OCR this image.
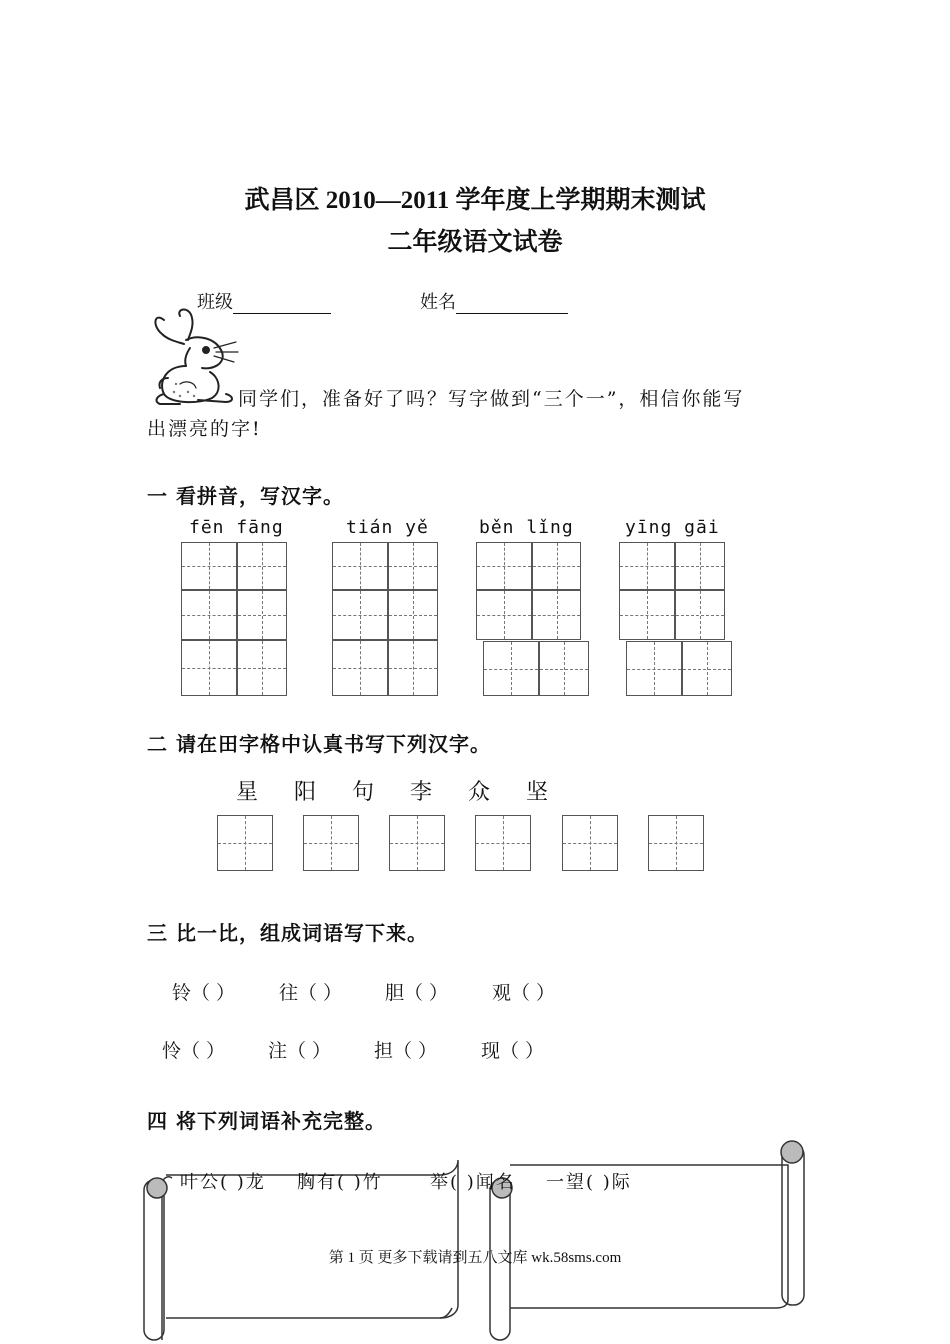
武昌区 2010—2011 学年度上学期期末测试
二年级语文试卷
班级	姓名
同学们，准备好了吗？写字做到“三个一”，相信你能写
出漂亮的字!
一 看拼音，写汉字。
fēn fāng	tián yě	běn lǐng	yīng gāi
二 请在田字格中认真书写下列汉字。
星 阳 句 李 众 坚
三 比一比，组成词语写下来。
铃（ ） 往（ ） 胆（ ） 观（ ）
怜（ ） 注（ ） 担（ ） 现（ ）
四 将下列词语补充完整。
叶公( )龙 胸有( )竹	举( )闻名 一望( )际
第 1 页 更多下载请到五八文库 wk.58sms.com
